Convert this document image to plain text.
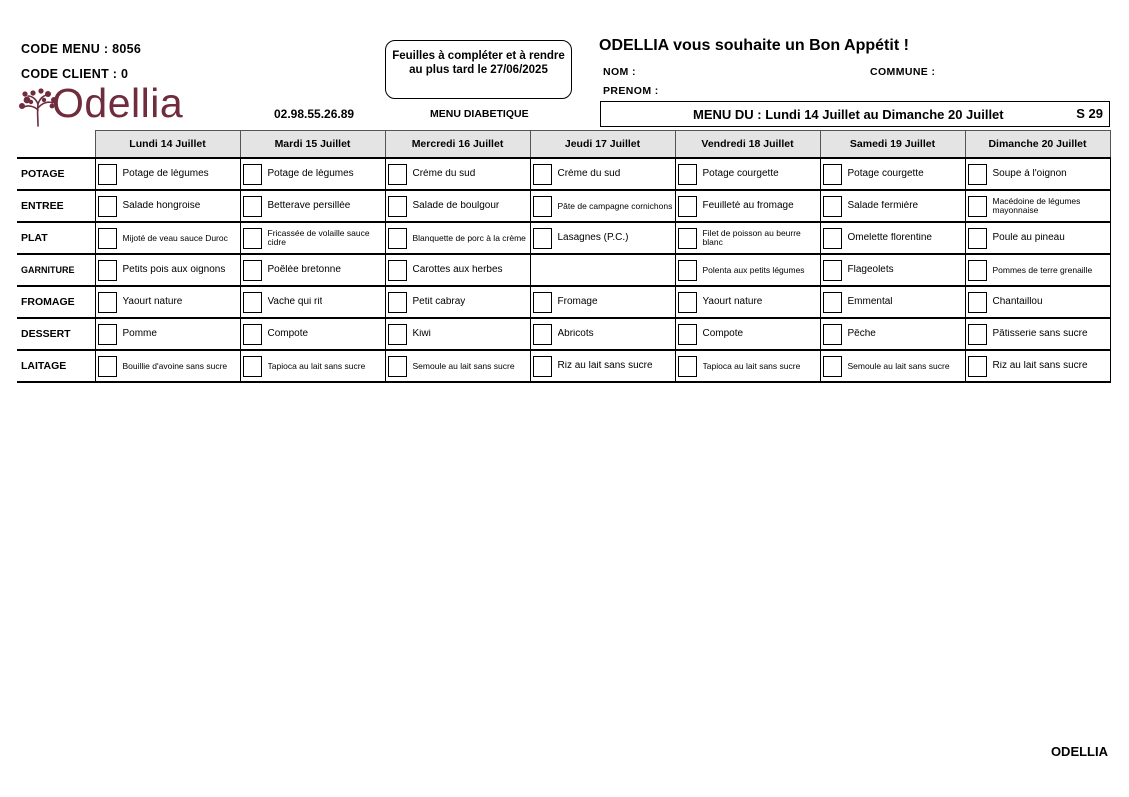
CODE MENU : 8056
CODE CLIENT : 0
Odellia
Feuilles à compléter et à rendre au plus tard le 27/06/2025
ODELLIA vous souhaite un Bon Appétit !
NOM :	COMMUNE :
PRENOM :
02.98.55.26.89	MENU DIABETIQUE	MENU DU : Lundi 14 Juillet au Dimanche 20 Juillet	S 29
	Lundi 14 Juillet	Mardi 15 Juillet	Mercredi 16 Juillet	Jeudi 17 Juillet	Vendredi 18 Juillet	Samedi 19 Juillet	Dimanche 20 Juillet
POTAGE	Potage de légumes	Potage de légumes	Crème du sud	Crème du sud	Potage courgette	Potage courgette	Soupe à l'oignon

ENTREE	Salade hongroise	Betterave persillée	Salade de boulgour	Pâte de campagne cornichons	Feuilleté au fromage	Salade fermière	Macédoine de légumes mayonnaise

PLAT	Mijoté de veau sauce Duroc	Fricassée de volaille sauce cidre	Blanquette de porc à la crème	Lasagnes (P.C.)	Filet de poisson au beurre blanc	Omelette florentine	Poule au pineau

GARNITURE	Petits pois aux oignons	Poêlée bretonne	Carottes aux herbes		Polenta aux petits légumes	Flageolets	Pommes de terre grenaille

FROMAGE	Yaourt nature	Vache qui rit	Petit cabray	Fromage	Yaourt nature	Emmental	Chantaillou

DESSERT	Pomme	Compote	Kiwi	Abricots	Compote	Pêche	Pâtisserie sans sucre

LAITAGE	Bouillie d'avoine sans sucre	Tapioca au lait sans sucre	Semoule au lait sans sucre	Riz au lait sans sucre	Tapioca au lait sans sucre	Semoule au lait sans sucre	Riz au lait sans sucre
ODELLIA
